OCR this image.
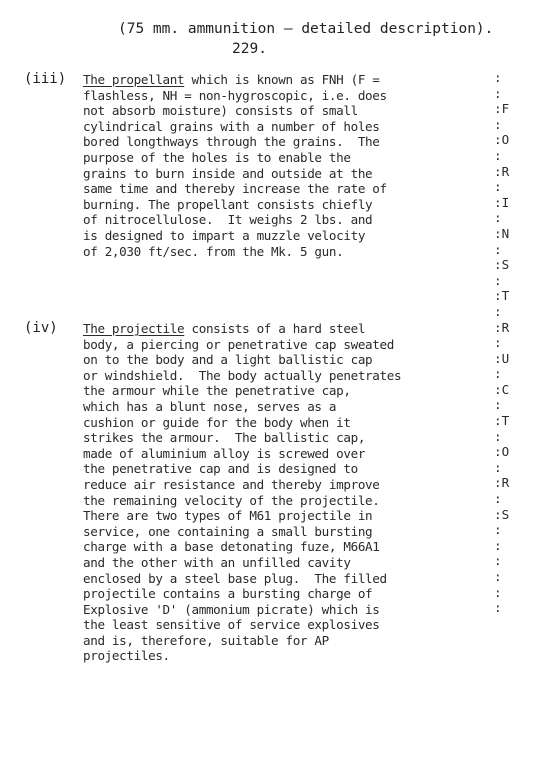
(75 mm. ammunition – detailed description).
229.
(iii) The propellant which is known as FNH (F =
flashless, NH = non-hygroscopic, i.e. does
not absorb moisture) consists of small
cylindrical grains with a number of holes
bored longthways through the grains.  The
purpose of the holes is to enable the
grains to burn inside and outside at the
same time and thereby increase the rate of
burning. The propellant consists chiefly
of nitrocellulose.  It weighs 2 lbs. and
is designed to impart a muzzle velocity
of 2,030 ft/sec. from the Mk. 5 gun.
(iv) The projectile consists of a hard steel
body, a piercing or penetrative cap sweated
on to the body and a light ballistic cap
or windshield.  The body actually penetrates
the armour while the penetrative cap,
which has a blunt nose, serves as a
cushion or guide for the body when it
strikes the armour.  The ballistic cap,
made of aluminium alloy is screwed over
the penetrative cap and is designed to
reduce air resistance and thereby improve
the remaining velocity of the projectile.
There are two types of M61 projectile in
service, one containing a small bursting
charge with a base detonating fuze, M66A1
and the other with an unfilled cavity
enclosed by a steel base plug.  The filled
projectile contains a bursting charge of
Explosive 'D' (ammonium picrate) which is
the least sensitive of service explosives
and is, therefore, suitable for AP
projectiles.
:
:
:F
:
:O
:
:R
:
:I
:
:N
:
:S
:
:T
:
:R
:
:U
:
:C
:
:T
:
:O
:
:R
:
:S
:
:
:
:
:
:
